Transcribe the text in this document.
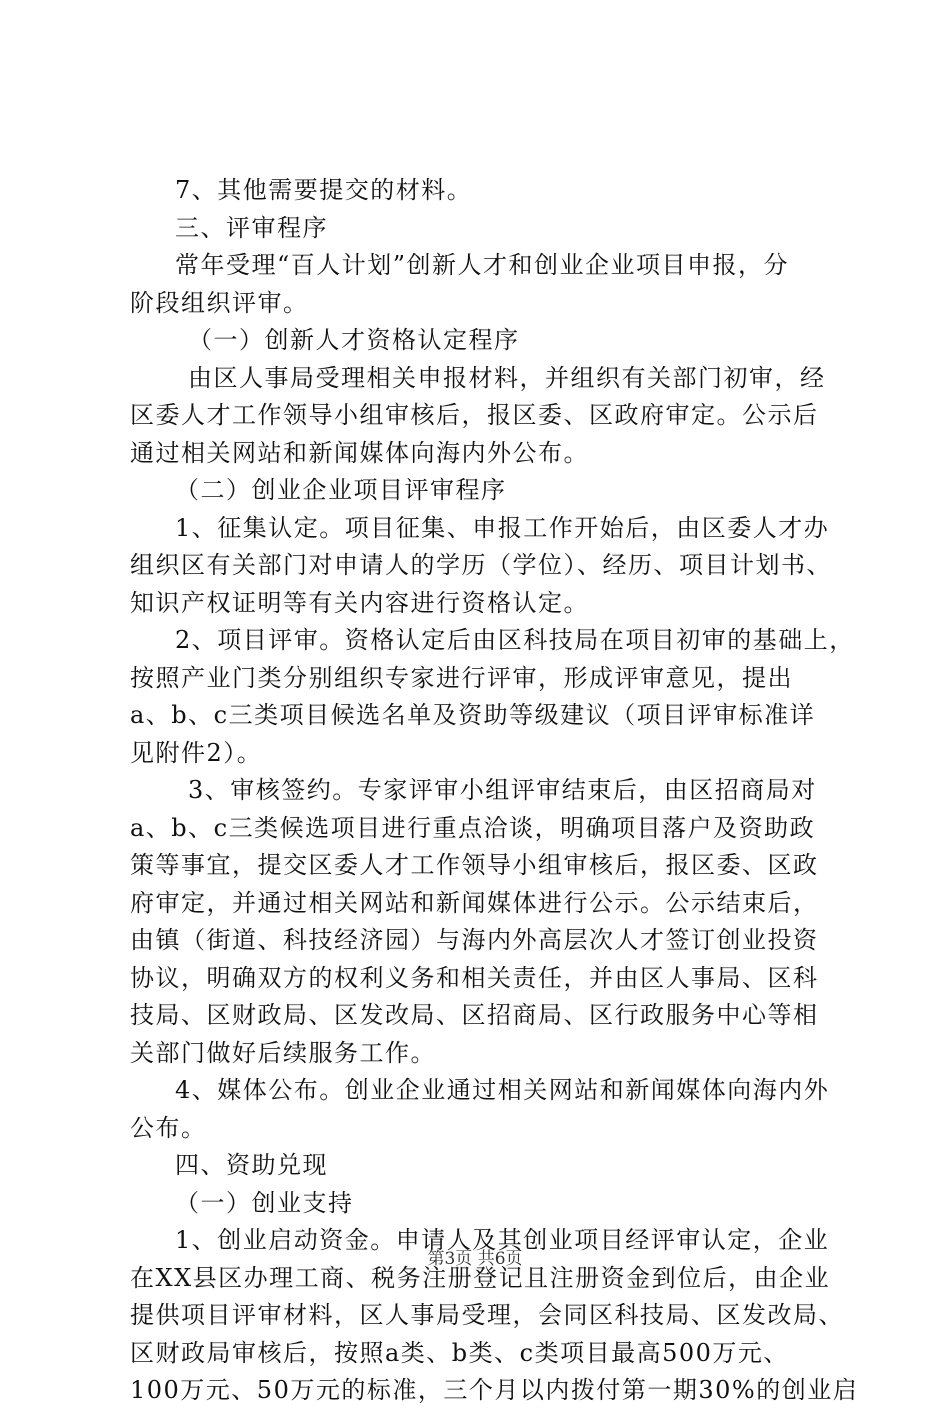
7、其他需要提交的材料。

三、评审程序

常年受理“百人计划”创新人才和创业企业项目申报，分

阶段组织评审。

（一）创新人才资格认定程序

由区人事局受理相关申报材料，并组织有关部门初审，经

区委人才工作领导小组审核后，报区委、区政府审定。公示后

通过相关网站和新闻媒体向海内外公布。

（二）创业企业项目评审程序

1、征集认定。项目征集、申报工作开始后，由区委人才办

组织区有关部门对申请人的学历（学位）、经历、项目计划书、

知识产权证明等有关内容进行资格认定。

2、项目评审。资格认定后由区科技局在项目初审的基础上，

按照产业门类分别组织专家进行评审，形成评审意见，提出

a、b、c三类项目候选名单及资助等级建议（项目评审标准详

见附件2）。

3、审核签约。专家评审小组评审结束后，由区招商局对

a、b、c三类候选项目进行重点洽谈，明确项目落户及资助政

策等事宜，提交区委人才工作领导小组审核后，报区委、区政

府审定，并通过相关网站和新闻媒体进行公示。公示结束后，

由镇（街道、科技经济园）与海内外高层次人才签订创业投资

协议，明确双方的权利义务和相关责任，并由区人事局、区科

技局、区财政局、区发改局、区招商局、区行政服务中心等相

关部门做好后续服务工作。

4、媒体公布。创业企业通过相关网站和新闻媒体向海内外

公布。

四、资助兑现

（一）创业支持

1、创业启动资金。申请人及其创业项目经评审认定，企业

在XX县区办理工商、税务注册登记且注册资金到位后，由企业

提供项目评审材料，区人事局受理，会同区科技局、区发改局、

区财政局审核后，按照a类、b类、c类项目最高500万元、

100万元、50万元的标准，三个月以内拨付第一期30%的创业启

第3页 共6页
